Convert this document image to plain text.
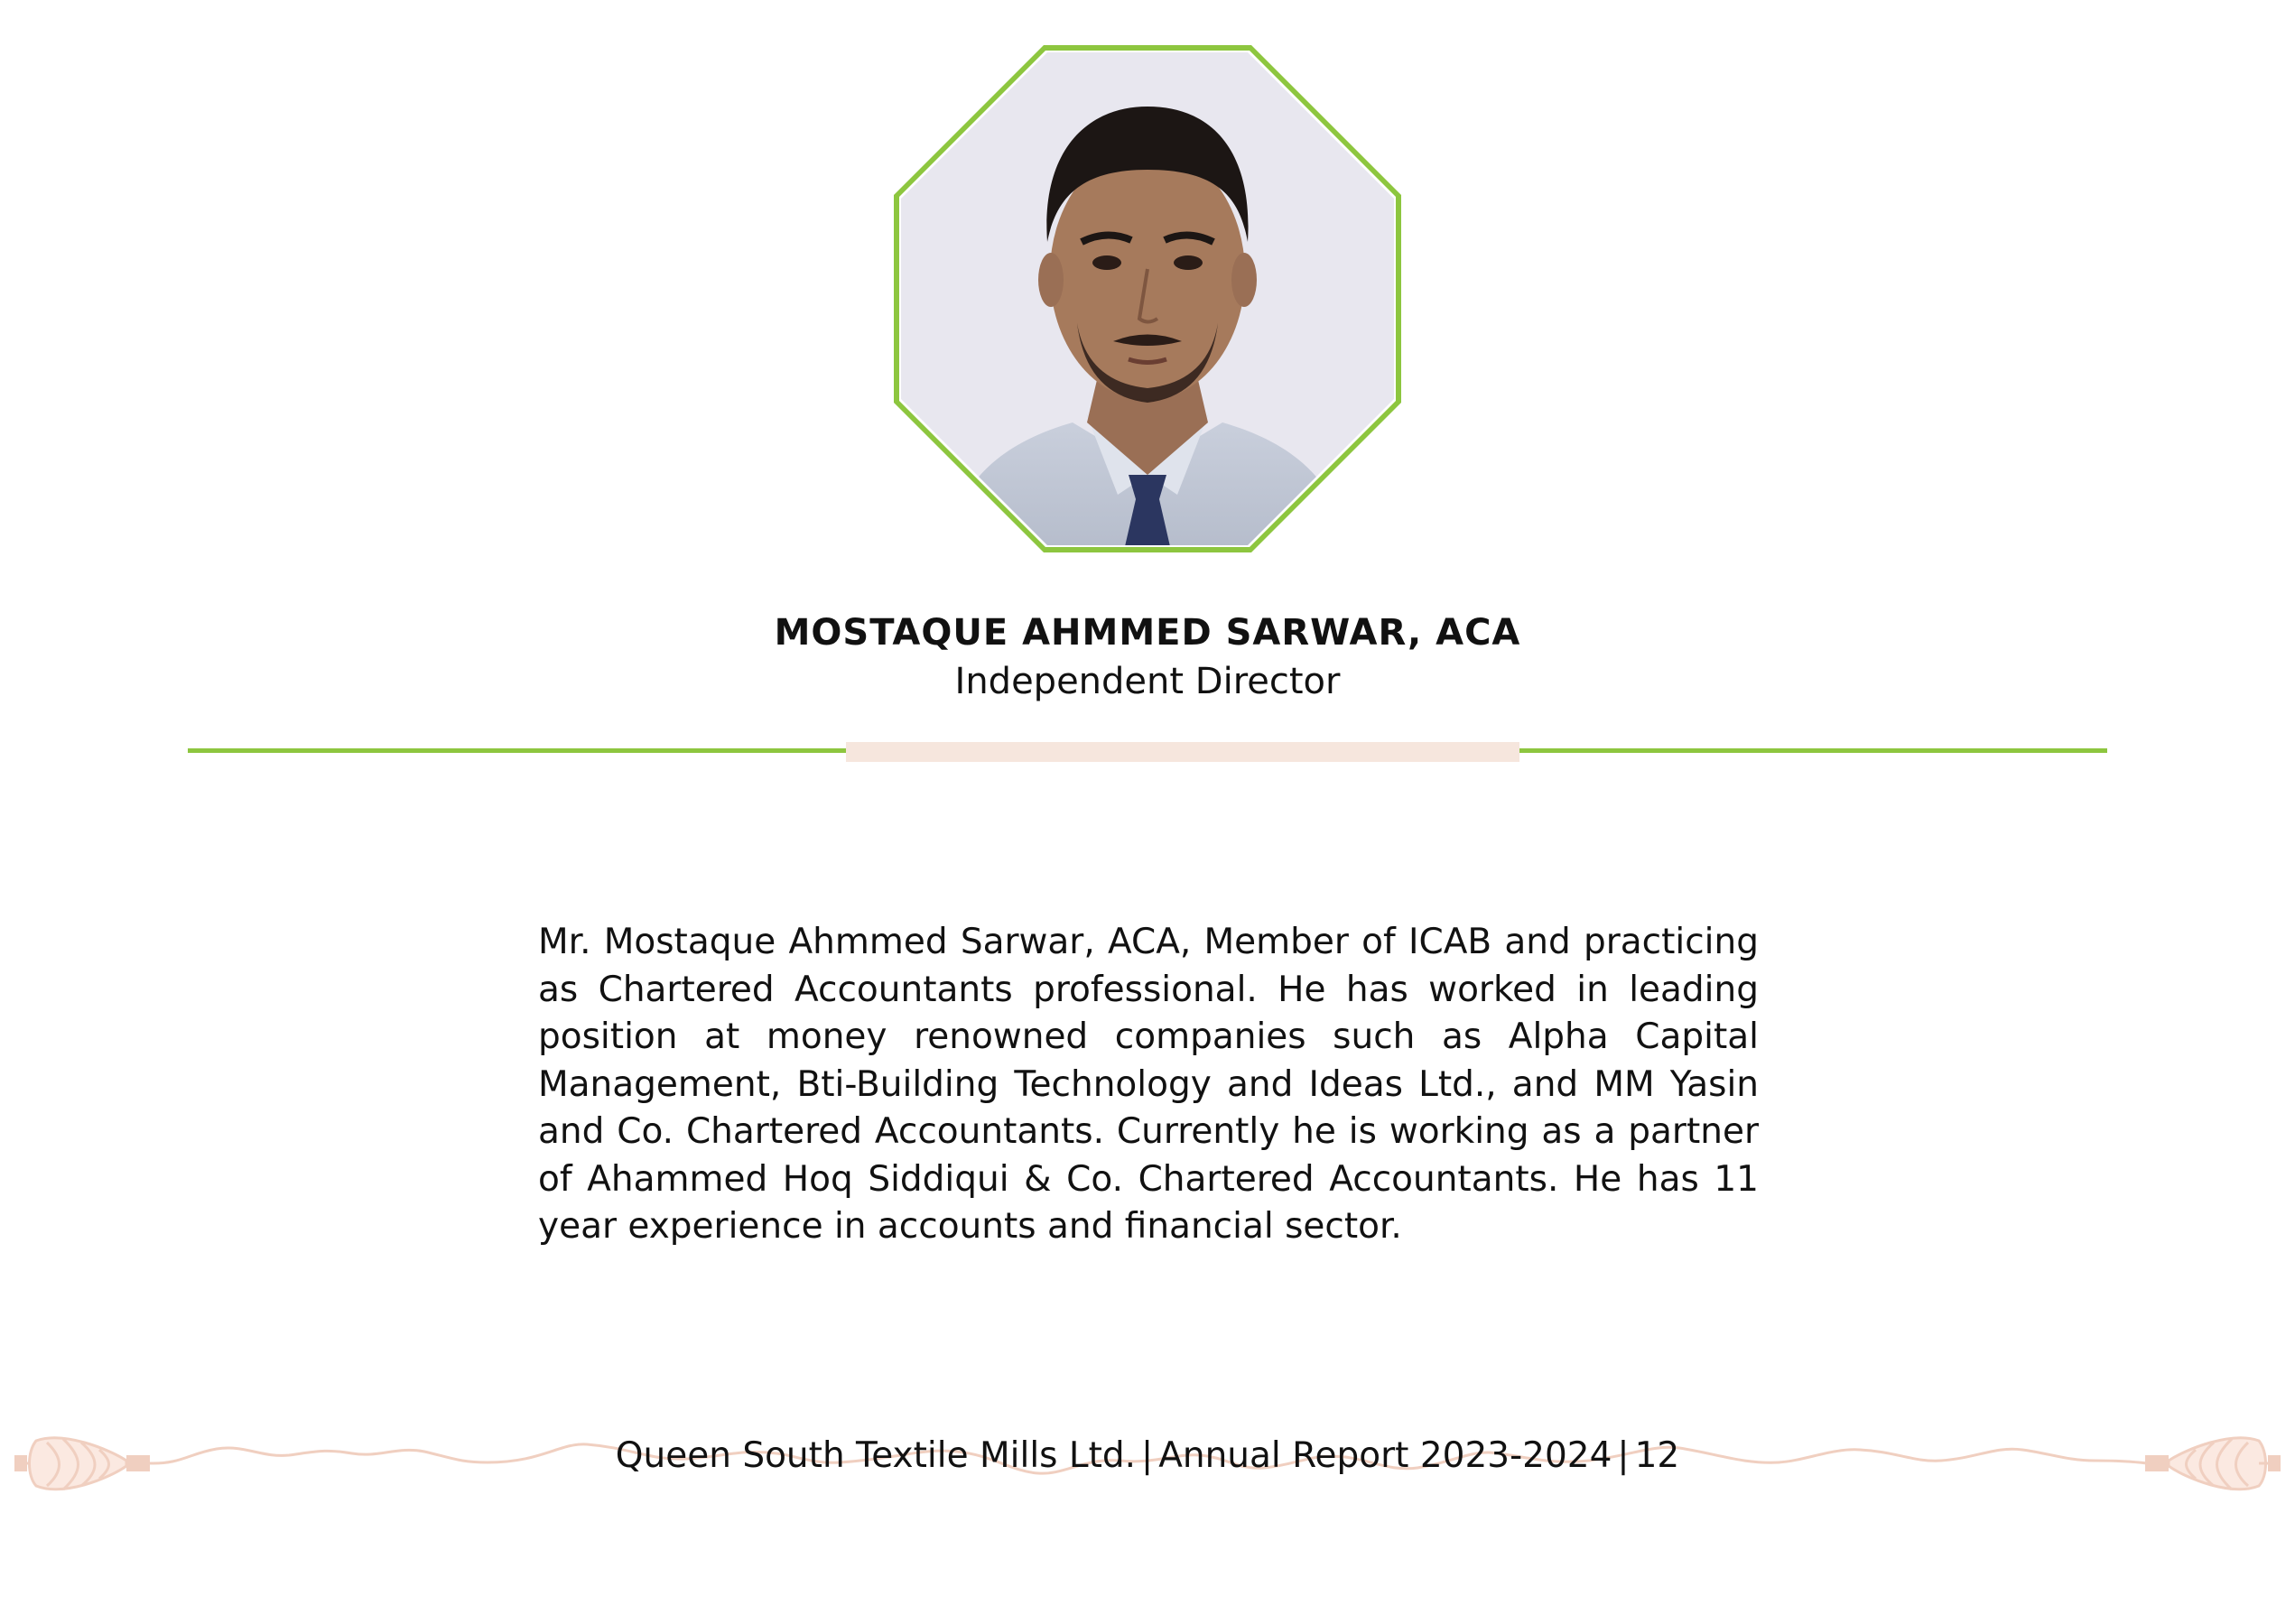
MOSTAQUE AHMMED SARWAR, ACA
Independent Director
Mr. Mostaque Ahmmed Sarwar, ACA, Member of ICAB and practicing as Chartered Accountants professional. He has worked in leading position at money renowned companies such as Alpha Capital Management, Bti-Building Technology and Ideas Ltd., and MM Yasin and Co. Chartered Accountants. Currently he is working as a partner of Ahammed Hoq Siddiqui & Co. Chartered Accountants. He has 11 year experience in accounts and financial sector.
Queen South Textile Mills Ltd. | Annual Report 2023-2024 | 12
